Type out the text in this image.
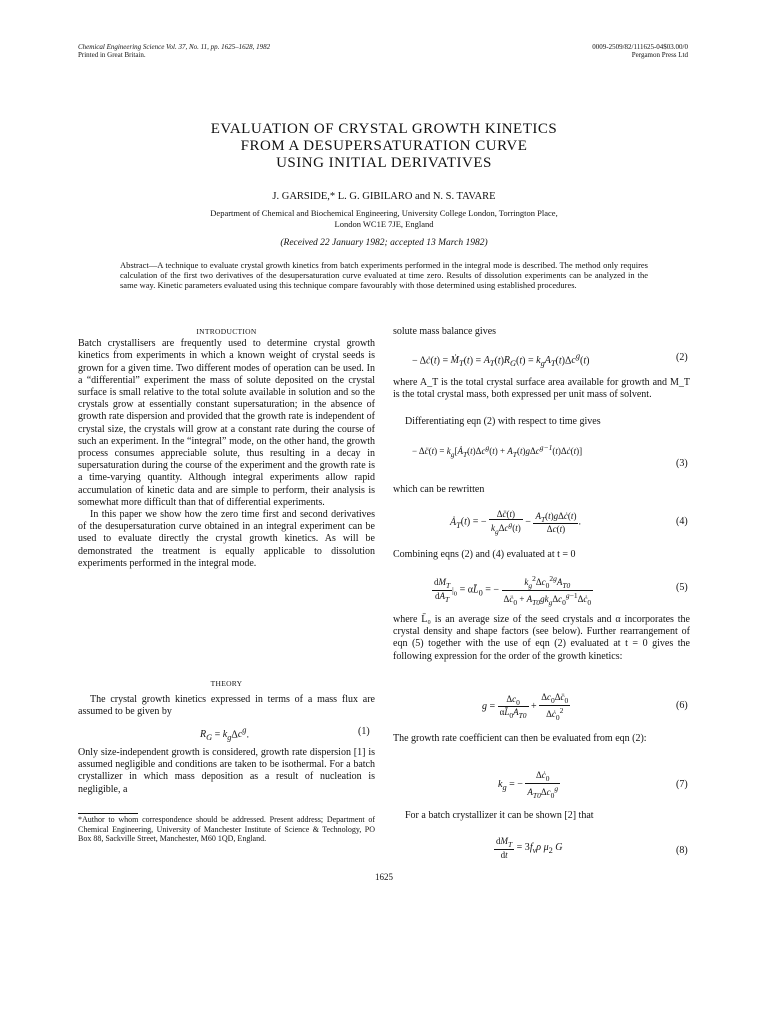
Chemical Engineering Science Vol. 37, No. 11, pp. 1625–1628, 1982
Printed in Great Britain.
0009-2509/82/111625-04$03.00/0
Pergamon Press Ltd
EVALUATION OF CRYSTAL GROWTH KINETICS
FROM A DESUPERSATURATION CURVE
USING INITIAL DERIVATIVES
J. GARSIDE,* L. G. GIBILARO and N. S. TAVARE
Department of Chemical and Biochemical Engineering, University College London, Torrington Place,
London WC1E 7JE, England
(Received 22 January 1982; accepted 13 March 1982)
Abstract—A technique to evaluate crystal growth kinetics from batch experiments performed in the integral mode is described. The method only requires calculation of the first two derivatives of the desupersaturation curve evaluated at time zero. Results of dissolution experiments can be analyzed in the same way. Kinetic parameters evaluated using this technique compare favourably with those determined using established procedures.

INTRODUCTION

Batch crystallisers are frequently used to determine crystal growth kinetics from experiments in which a known weight of crystal seeds is grown for a given time. Two different modes of operation can be used. In a “differential” experiment the mass of solute deposited on the crystal surface is small relative to the total solute available in solution and so the crystals grow at essentially constant supersaturation; in the absence of growth rate dispersion and provided that the growth rate is independent of crystal size, the crystals will grow at a constant rate during the course of such an experiment. In the “integral” mode, on the other hand, the growth process consumes appreciable solute, thus resulting in a decay in supersaturation during the course of the experiment and the growth rate is a time-varying quantity. Although integral experiments allow rapid accumulation of kinetic data and are simple to perform, their analysis is somewhat more difficult than that of differential experiments.

In this paper we show how the zero time first and second derivatives of the desupersaturation curve obtained in an integral experiment can be used to evaluate directly the crystal growth kinetics. As will be demonstrated the treatment is equally applicable to dissolution experiments performed in the integral mode.

THEORY

The crystal growth kinetics expressed in terms of a mass flux are assumed to be given by

$R_G = k_g\Delta c^g$.	(1)
Only size-independent growth is considered, growth rate dispersion [1] is assumed negligible and conditions are taken to be isothermal. For a batch crystallizer in which mass deposition as a result of nucleation is negligible, a
*Author to whom correspondence should be addressed. Present address; Department of Chemical Engineering, University of Manchester Institute of Science & Technology, PO Box 88, Sackville Street, Manchester, M60 1QD, England.
solute mass balance gives
− Δċ(t) = Ṁ$_T$(t) = $A_T(t)R_G(t) = k_gA_T(t)\Delta c^g(t)$	(2)
where A_T is the total crystal surface area available for growth and M_T is the total crystal mass, both expressed per unit mass of solvent.
Differentiating eqn (2) with respect to time gives
− Δc̈(t) = $k_g[Ȧ_T(t)\Delta c^g(t)$ + $A_T(t)g\Delta c^{g-1}(t)\Delta ċ(t)$]
(3)
which can be rewritten
$Ȧ_T(t)$ = − $\frac{\Delta c̈(t)}{k_g\Delta c^g(t)} - \frac{A_T(t)g\Delta ċ(t)}{\Delta c(t)}$ .	(4)
Combining eqns (2) and (4) evaluated at t = 0
$\frac{dM_T}{dA_T} |_0$ = $\alpha L̄_0$ = − $\frac{k_g^2\Delta c_0^{2g}A_{T0}}{\Delta c̈_0 + A_{T0}gk_g\Delta c_0^{g-1}\Delta ċ_0}$	(5)
where L̄₀ is an average size of the seed crystals and α incorporates the crystal density and shape factors (see below). Further rearrangement of eqn (5) together with the use of eqn (2) evaluated at t = 0 gives the following expression for the order of the growth kinetics:
$g = \frac{\Delta c_0}{\alpha L̄_0A_{T0}} + \frac{\Delta c_0\Delta c̈_0}{\Delta ċ_0^2}$	(6)
The growth rate coefficient can then be evaluated from eqn (2):
$k_g$ = − $\frac{\Delta ċ_0}{A_{T0}\Delta c_0^g}$	(7)
For a batch crystallizer it can be shown [2] that
$\frac{dM_T}{dt} = 3f_v\rho$ $\mu_2$ G	(8)
1625
